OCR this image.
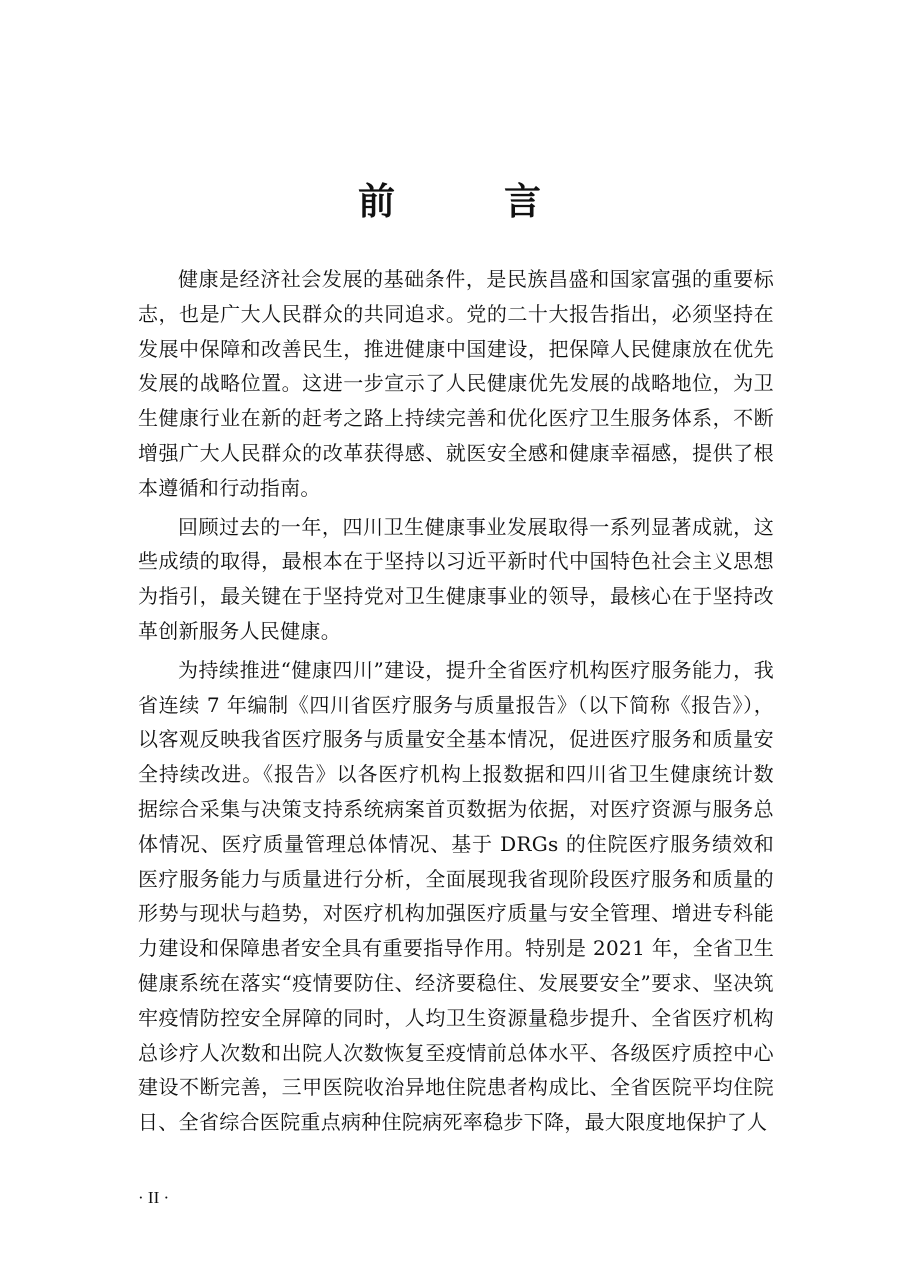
前　言

健康是经济社会发展的基础条件，是民族昌盛和国家富强的重要标志，也是广大人民群众的共同追求。党的二十大报告指出，必须坚持在发展中保障和改善民生，推进健康中国建设，把保障人民健康放在优先发展的战略位置。这进一步宣示了人民健康优先发展的战略地位，为卫生健康行业在新的赶考之路上持续完善和优化医疗卫生服务体系，不断增强广大人民群众的改革获得感、就医安全感和健康幸福感，提供了根本遵循和行动指南。

回顾过去的一年，四川卫生健康事业发展取得一系列显著成就，这些成绩的取得，最根本在于坚持以习近平新时代中国特色社会主义思想为指引，最关键在于坚持党对卫生健康事业的领导，最核心在于坚持改革创新服务人民健康。

为持续推进“健康四川”建设，提升全省医疗机构医疗服务能力，我省连续 7 年编制《四川省医疗服务与质量报告》（以下简称《报告》），以客观反映我省医疗服务与质量安全基本情况，促进医疗服务和质量安全持续改进。《报告》以各医疗机构上报数据和四川省卫生健康统计数据综合采集与决策支持系统病案首页数据为依据，对医疗资源与服务总体情况、医疗质量管理总体情况、基于 DRGs 的住院医疗服务绩效和医疗服务能力与质量进行分析，全面展现我省现阶段医疗服务和质量的形势与现状与趋势，对医疗机构加强医疗质量与安全管理、增进专科能力建设和保障患者安全具有重要指导作用。特别是 2021 年，全省卫生健康系统在落实“疫情要防住、经济要稳住、发展要安全”要求、坚决筑牢疫情防控安全屏障的同时，人均卫生资源量稳步提升、全省医疗机构总诊疗人次数和出院人次数恢复至疫情前总体水平、各级医疗质控中心建设不断完善，三甲医院收治异地住院患者构成比、全省医院平均住院日、全省综合医院重点病种住院病死率稳步下降，最大限度地保护了人

· II ·
